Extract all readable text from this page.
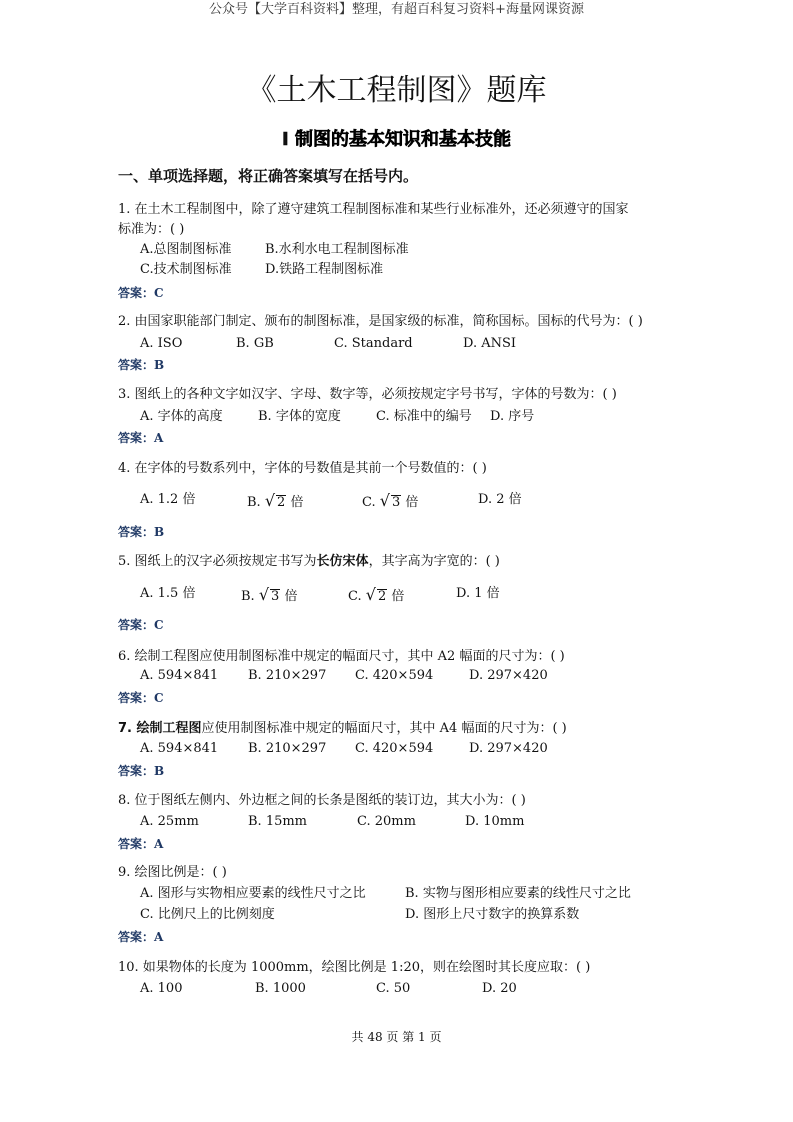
公众号【大学百科资料】整理，有超百科复习资料+海量网课资源
《土木工程制图》题库
I 制图的基本知识和基本技能
一、单项选择题，将正确答案填写在括号内。
1. 在土木工程制图中，除了遵守建筑工程制图标准和某些行业标准外，还必须遵守的国家
标准为：( )
A.总图制图标准	B.水利水电工程制图标准
C.技术制图标准	D.铁路工程制图标准
答案：C
2. 由国家职能部门制定、颁布的制图标准，是国家级的标准，简称国标。国标的代号为：( )
A. ISO	B. GB	C. Standard	D. ANSI
答案：B
3. 图纸上的各种文字如汉字、字母、数字等，必须按规定字号书写，字体的号数为：( )
A. 字体的高度	B. 字体的宽度	C. 标准中的编号 D. 序号
答案：A
4. 在字体的号数系列中，字体的号数值是其前一个号数值的：( )
A. 1.2 倍	B. √ 2 倍	C. √ 3 倍	D. 2 倍
答案：B
5. 图纸上的汉字必须按规定书写为长仿宋体，其字高为字宽的：( )
A. 1.5 倍	B. √ 3 倍	C. √ 2 倍	D. 1 倍
答案：C
6. 绘制工程图应使用制图标准中规定的幅面尺寸，其中 A2 幅面的尺寸为：( )
A. 594×841 B. 210×297 C. 420×594	D. 297×420
答案：C
7. 绘制工程图应使用制图标准中规定的幅面尺寸，其中 A4 幅面的尺寸为：( )
A. 594×841 B. 210×297 C. 420×594	D. 297×420
答案：B
8. 位于图纸左侧内、外边框之间的长条是图纸的装订边，其大小为：( )
A. 25mm	B. 15mm	C. 20mm	D. 10mm
答案：A
9. 绘图比例是：( )
A. 图形与实物相应要素的线性尺寸之比	B. 实物与图形相应要素的线性尺寸之比
C. 比例尺上的比例刻度	D. 图形上尺寸数字的换算系数
答案：A
10. 如果物体的长度为 1000mm，绘图比例是 1:20，则在绘图时其长度应取：( )
A. 100	B. 1000	C. 50	D. 20
共 48 页 第 1 页
